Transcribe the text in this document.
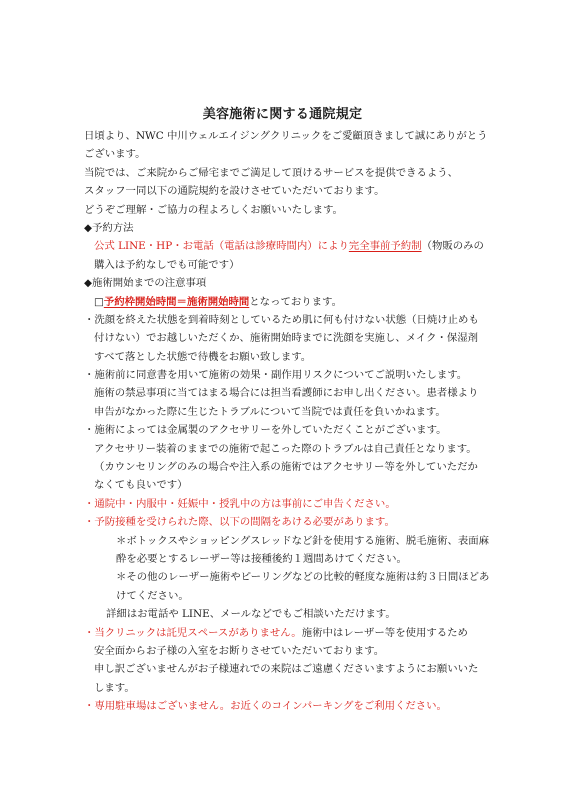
美容施術に関する通院規定
日頃より、NWC 中川ウェルエイジングクリニックをご愛顧頂きまして誠にありがとう
ございます。
当院では、ご来院からご帰宅までご満足して頂けるサービスを提供できるよう、
スタッフ一同以下の通院規約を設けさせていただいております。
どうぞご理解・ご協力の程よろしくお願いいたします。
◆予約方法
公式 LINE・HP・お電話（電話は診療時間内）により完全事前予約制（物販のみの
購入は予約なしでも可能です）
◆施術開始までの注意事項
□予約枠開始時間＝施術開始時間となっております。
・洗顔を終えた状態を到着時刻としているため肌に何も付けない状態（日焼け止めも
付けない）でお越しいただくか、施術開始時までに洗顔を実施し、メイク・保湿剤
すべて落とした状態で待機をお願い致します。
・施術前に同意書を用いて施術の効果・副作用リスクについてご説明いたします。
施術の禁忌事項に当てはまる場合には担当看護師にお申し出ください。患者様より
申告がなかった際に生じたトラブルについて当院では責任を負いかねます。
・施術によっては金属製のアクセサリーを外していただくことがございます。
アクセサリー装着のままでの施術で起こった際のトラブルは自己責任となります。
（カウンセリングのみの場合や注入系の施術ではアクセサリー等を外していただか
なくても良いです）
・通院中・内服中・妊娠中・授乳中の方は事前にご申告ください。
・予防接種を受けられた際、以下の間隔をあける必要があります。
＊ボトックスやショッピングスレッドなど針を使用する施術、脱毛施術、表面麻
酔を必要とするレーザー等は接種後約１週間あけてください。
＊その他のレーザー施術やピーリングなどの比較的軽度な施術は約３日間ほどあ
けてください。
詳細はお電話や LINE、メールなどでもご相談いただけます。
・当クリニックは託児スペースがありません。施術中はレーザー等を使用するため
安全面からお子様の入室をお断りさせていただいております。
申し訳ございませんがお子様連れでの来院はご遠慮くださいますようにお願いいた
します。
・専用駐車場はございません。お近くのコインパーキングをご利用ください。
